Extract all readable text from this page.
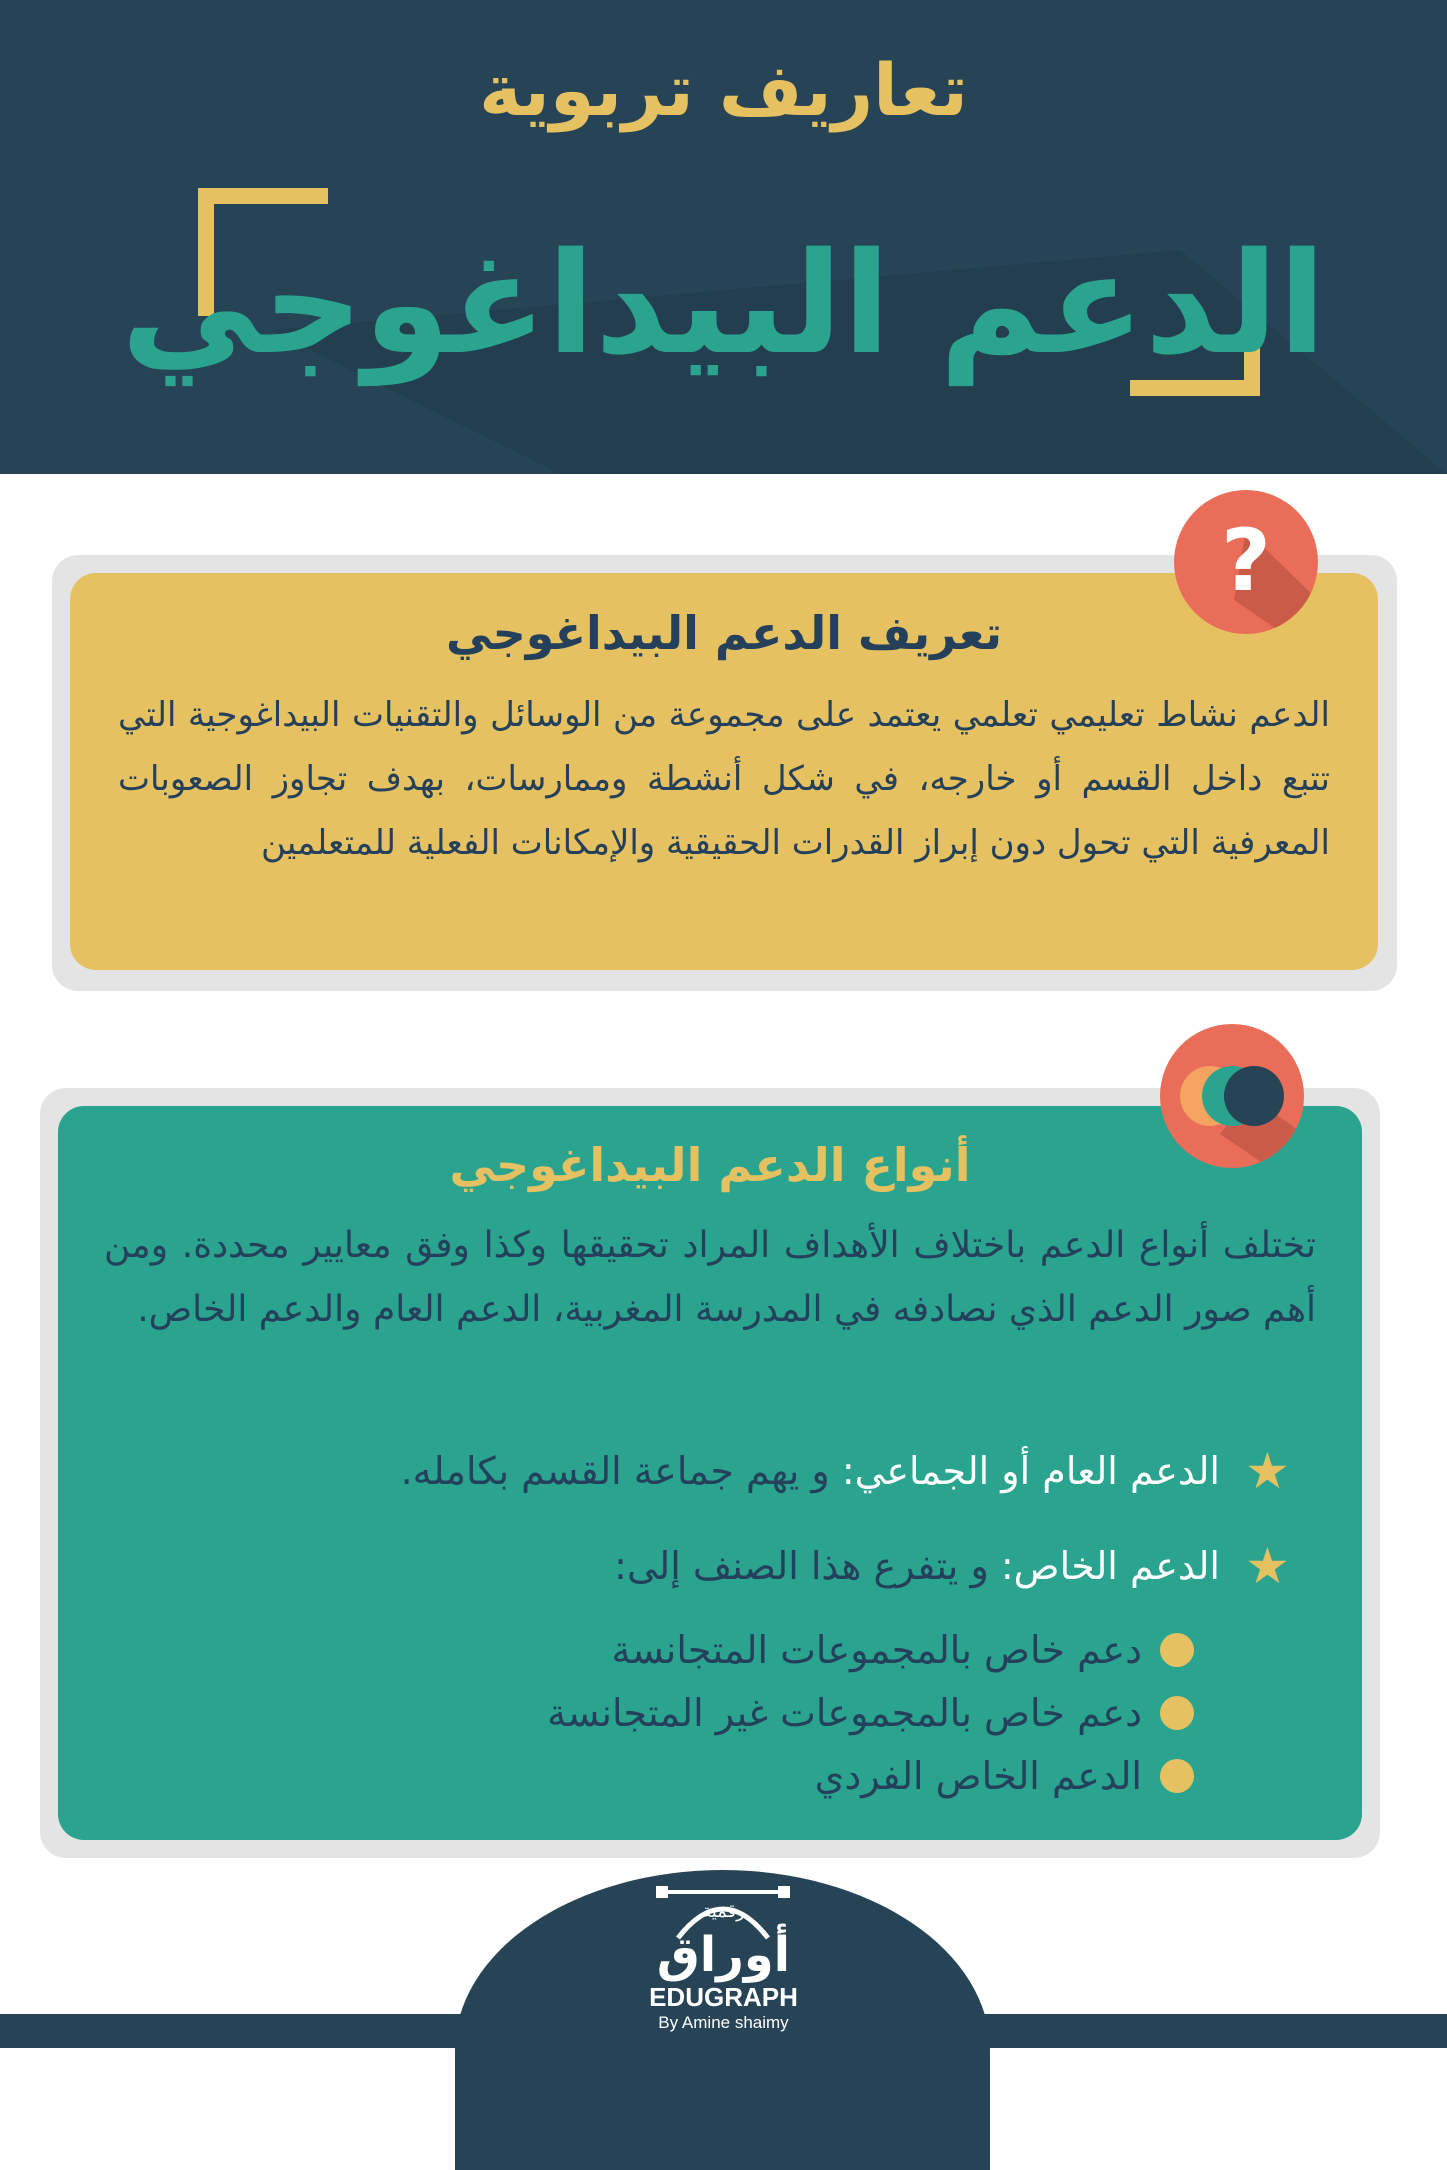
تعاريف تربوية
الدعم البيداغوجي
تعريف الدعم البيداغوجي

الدعم نشاط تعليمي تعلمي يعتمد على مجموعة من الوسائل والتقنيات البيداغوجية التي تتبع داخل القسم أو خارجه، في شكل أنشطة وممارسات، بهدف تجاوز الصعوبات المعرفية التي تحول دون إبراز القدرات الحقيقية والإمكانات الفعلية للمتعلمين

?
أنواع الدعم البيداغوجي

تختلف أنواع الدعم باختلاف الأهداف المراد تحقيقها وكذا وفق معايير محددة. ومن أهم صور الدعم الذي نصادفه في المدرسة المغربية، الدعم العام والدعم الخاص.

★
الدعم العام أو الجماعي: و يهم جماعة القسم بكامله.
★
الدعم الخاص: و يتفرع هذا الصنف إلى:
دعم خاص بالمجموعات المتجانسة
دعم خاص بالمجموعات غير المتجانسة
الدعم الخاص الفردي
رقمية
أوراق
EDUGRAPH
By Amine shaimy
